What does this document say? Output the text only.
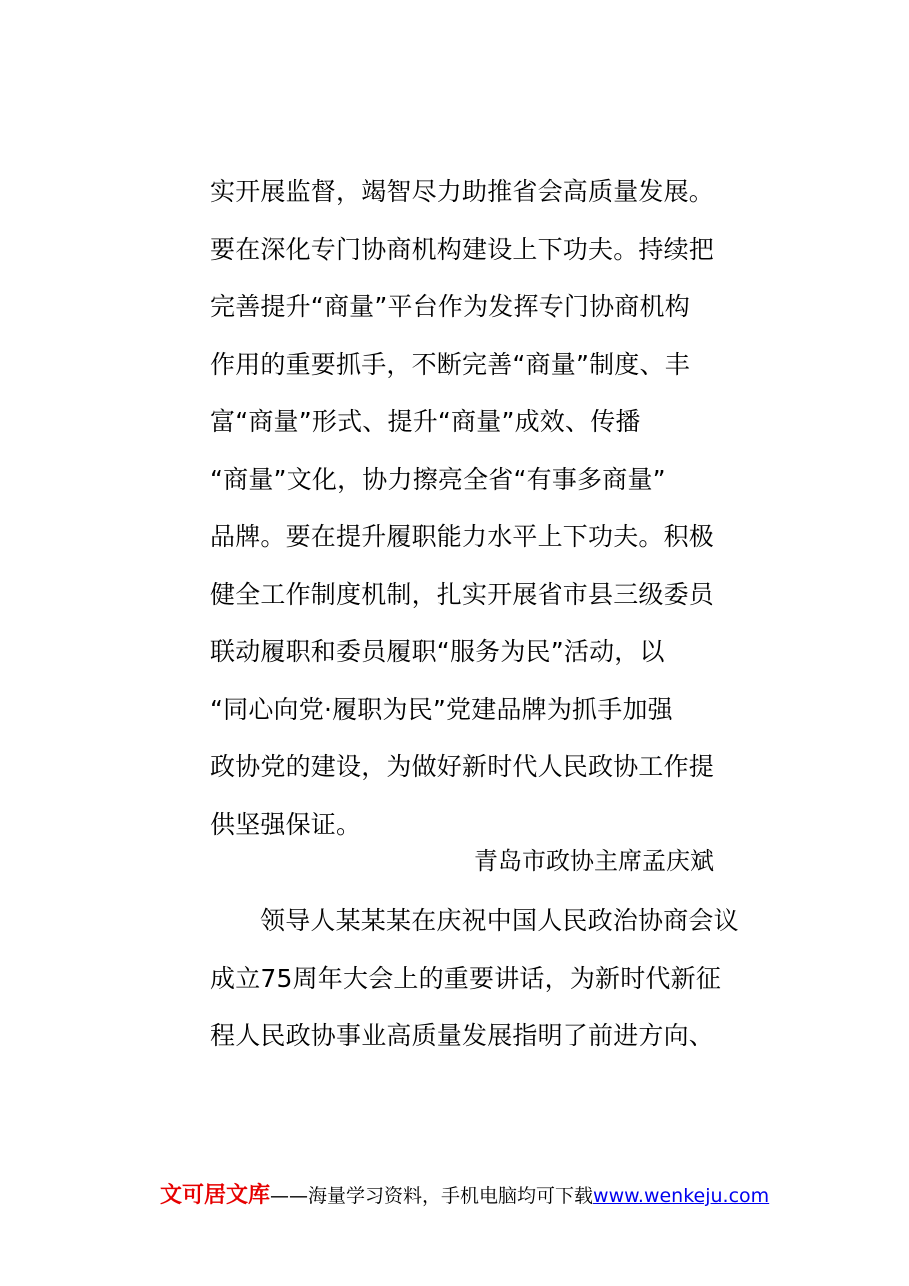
实开展监督，竭智尽力助推省会高质量发展。
要在深化专门协商机构建设上下功夫。持续把
完善提升“商量”平台作为发挥专门协商机构
作用的重要抓手，不断完善“商量”制度、丰
富“商量”形式、提升“商量”成效、传播
“商量”文化，协力擦亮全省“有事多商量”
品牌。要在提升履职能力水平上下功夫。积极
健全工作制度机制，扎实开展省市县三级委员
联动履职和委员履职“服务为民”活动，以
“同心向党·履职为民”党建品牌为抓手加强
政协党的建设，为做好新时代人民政协工作提
供坚强保证。
青岛市政协主席孟庆斌
领导人某某某在庆祝中国人民政治协商会议
成立75周年大会上的重要讲话，为新时代新征
程人民政协事业高质量发展指明了前进方向、
文可居文库——海量学习资料，手机电脑均可下载www.wenkeju.com
